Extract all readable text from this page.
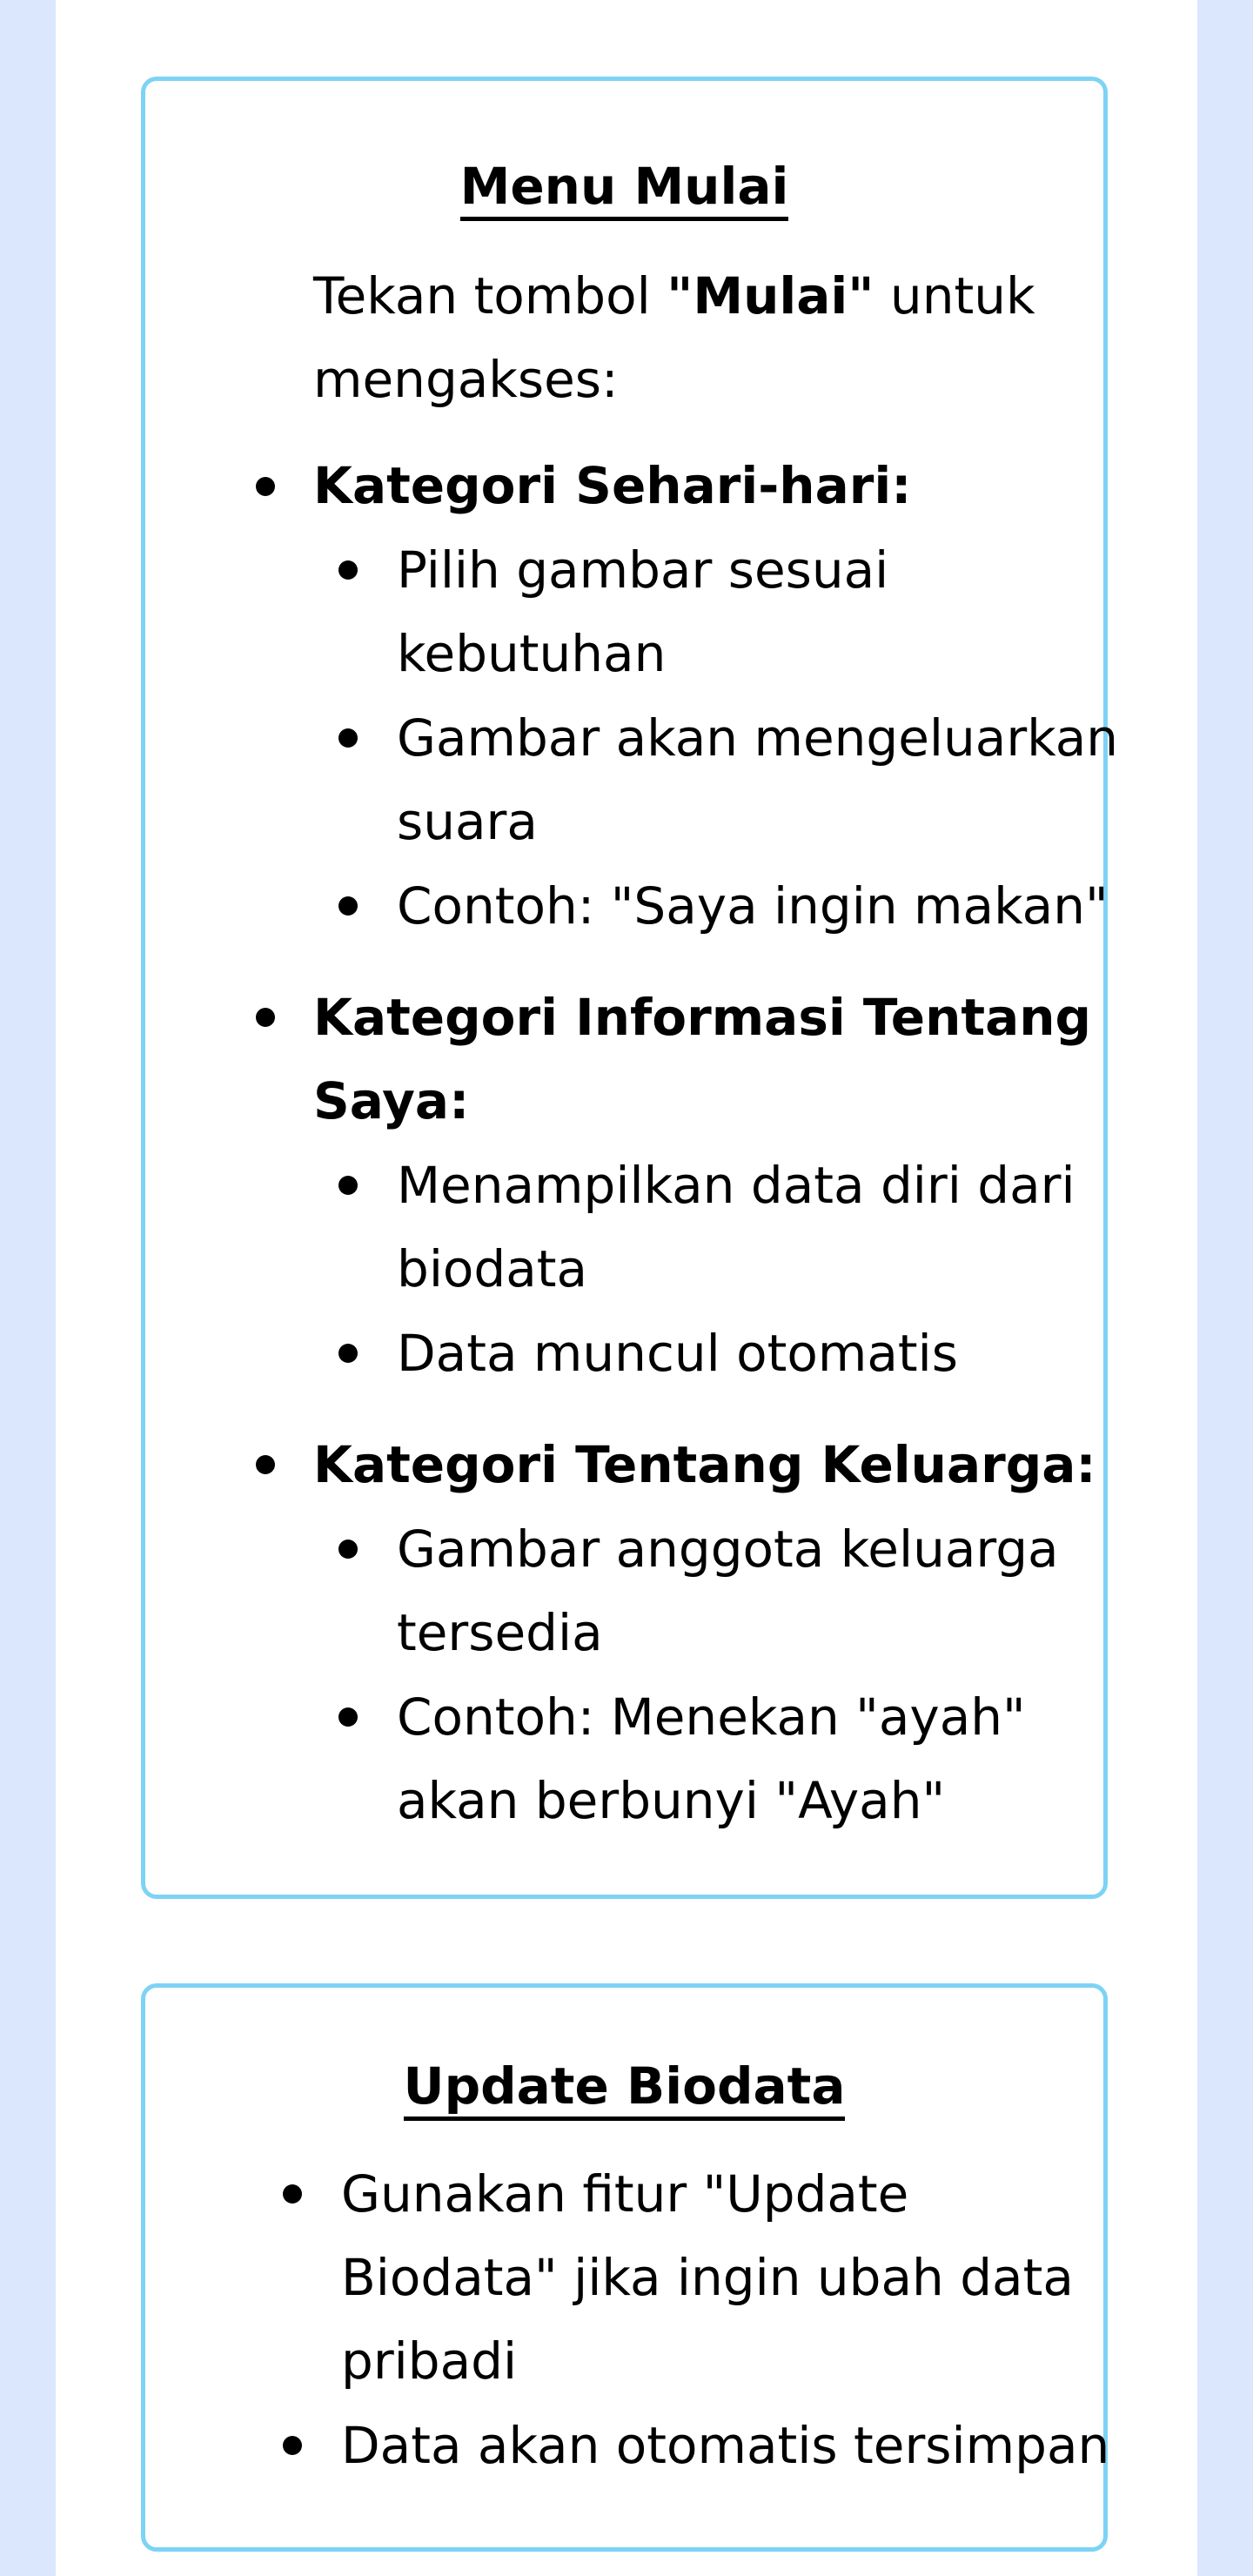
Menu Mulai
Tekan tombol "Mulai" untuk
mengakses:
Kategori Sehari-hari:
Pilih gambar sesuai
kebutuhan
Gambar akan mengeluarkan
suara
Contoh: "Saya ingin makan"
Kategori Informasi Tentang
Saya:
Menampilkan data diri dari
biodata
Data muncul otomatis
Kategori Tentang Keluarga:
Gambar anggota keluarga
tersedia
Contoh: Menekan "ayah"
akan berbunyi "Ayah"
Update Biodata
Gunakan fitur "Update
Biodata" jika ingin ubah data
pribadi
Data akan otomatis tersimpan
